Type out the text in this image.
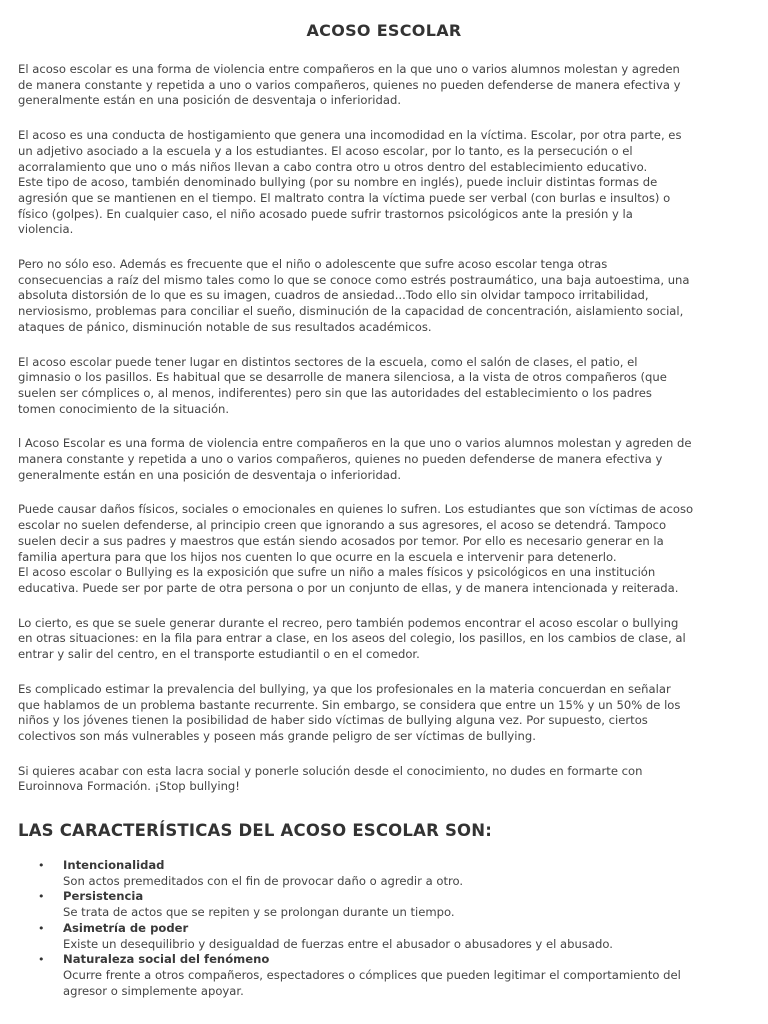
ACOSO ESCOLAR

El acoso escolar es una forma de violencia entre compañeros en la que uno o varios alumnos molestan y agreden
de manera constante y repetida a uno o varios compañeros, quienes no pueden defenderse de manera efectiva y
generalmente están en una posición de desventaja o inferioridad.

El acoso es una conducta de hostigamiento que genera una incomodidad en la víctima. Escolar, por otra parte, es
un adjetivo asociado a la escuela y a los estudiantes. El acoso escolar, por lo tanto, es la persecución o el
acorralamiento que uno o más niños llevan a cabo contra otro u otros dentro del establecimiento educativo.
Este tipo de acoso, también denominado bullying (por su nombre en inglés), puede incluir distintas formas de
agresión que se mantienen en el tiempo. El maltrato contra la víctima puede ser verbal (con burlas e insultos) o
físico (golpes). En cualquier caso, el niño acosado puede sufrir trastornos psicológicos ante la presión y la
violencia.

Pero no sólo eso. Además es frecuente que el niño o adolescente que sufre acoso escolar tenga otras
consecuencias a raíz del mismo tales como lo que se conoce como estrés postraumático, una baja autoestima, una
absoluta distorsión de lo que es su imagen, cuadros de ansiedad...Todo ello sin olvidar tampoco irritabilidad,
nerviosismo, problemas para conciliar el sueño, disminución de la capacidad de concentración, aislamiento social,
ataques de pánico, disminución notable de sus resultados académicos.

El acoso escolar puede tener lugar en distintos sectores de la escuela, como el salón de clases, el patio, el
gimnasio o los pasillos. Es habitual que se desarrolle de manera silenciosa, a la vista de otros compañeros (que
suelen ser cómplices o, al menos, indiferentes) pero sin que las autoridades del establecimiento o los padres
tomen conocimiento de la situación.

l Acoso Escolar es una forma de violencia entre compañeros en la que uno o varios alumnos molestan y agreden de
manera constante y repetida a uno o varios compañeros, quienes no pueden defenderse de manera efectiva y
generalmente están en una posición de desventaja o inferioridad.

Puede causar daños físicos, sociales o emocionales en quienes lo sufren. Los estudiantes que son víctimas de acoso
escolar no suelen defenderse, al principio creen que ignorando a sus agresores, el acoso se detendrá. Tampoco
suelen decir a sus padres y maestros que están siendo acosados por temor. Por ello es necesario generar en la
familia apertura para que los hijos nos cuenten lo que ocurre en la escuela e intervenir para detenerlo.
El acoso escolar o Bullying es la exposición que sufre un niño a males físicos y psicológicos en una institución
educativa. Puede ser por parte de otra persona o por un conjunto de ellas, y de manera intencionada y reiterada.

Lo cierto, es que se suele generar durante el recreo, pero también podemos encontrar el acoso escolar o bullying
en otras situaciones: en la fila para entrar a clase, en los aseos del colegio, los pasillos, en los cambios de clase, al
entrar y salir del centro, en el transporte estudiantil o en el comedor.

Es complicado estimar la prevalencia del bullying, ya que los profesionales en la materia concuerdan en señalar
que hablamos de un problema bastante recurrente. Sin embargo, se considera que entre un 15% y un 50% de los
niños y los jóvenes tienen la posibilidad de haber sido víctimas de bullying alguna vez. Por supuesto, ciertos
colectivos son más vulnerables y poseen más grande peligro de ser víctimas de bullying.

Si quieres acabar con esta lacra social y ponerle solución desde el conocimiento, no dudes en formarte con
Euroinnova Formación. ¡Stop bullying!

LAS CARACTERÍSTICAS DEL ACOSO ESCOLAR SON:
• Intencionalidad
Son actos premeditados con el fin de provocar daño o agredir a otro.
• Persistencia
Se trata de actos que se repiten y se prolongan durante un tiempo.
• Asimetría de poder
Existe un desequilibrio y desigualdad de fuerzas entre el abusador o abusadores y el abusado.
• Naturaleza social del fenómeno
Ocurre frente a otros compañeros, espectadores o cómplices que pueden legitimar el comportamiento del
agresor o simplemente apoyar.
